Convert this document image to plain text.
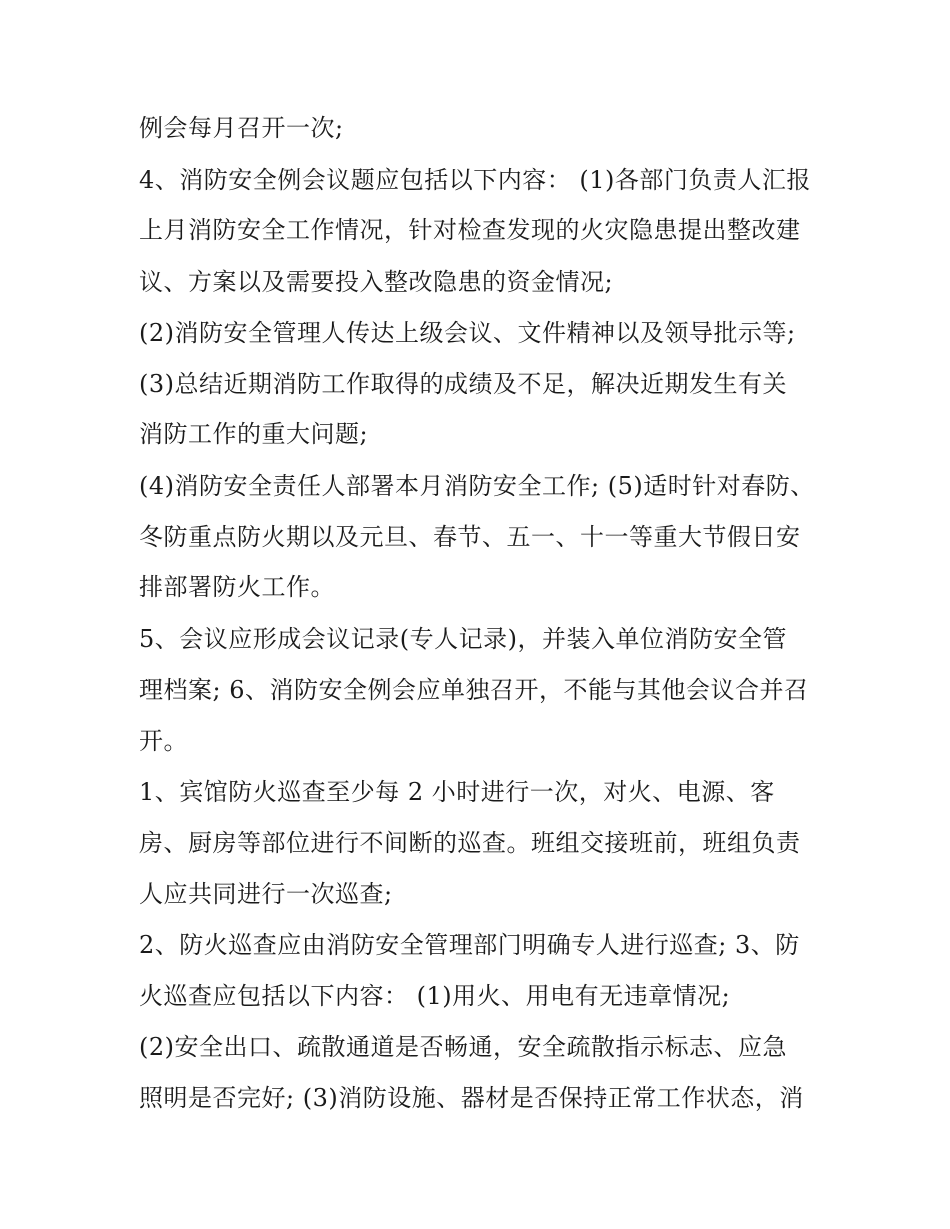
例会每月召开一次;
4、消防安全例会议题应包括以下内容： (1)各部门负责人汇报
上月消防安全工作情况，针对检查发现的火灾隐患提出整改建
议、方案以及需要投入整改隐患的资金情况;
(2)消防安全管理人传达上级会议、文件精神以及领导批示等;
(3)总结近期消防工作取得的成绩及不足，解决近期发生有关
消防工作的重大问题;
(4)消防安全责任人部署本月消防安全工作; (5)适时针对春防、
冬防重点防火期以及元旦、春节、五一、十一等重大节假日安
排部署防火工作。
5、会议应形成会议记录(专人记录)，并装入单位消防安全管
理档案; 6、消防安全例会应单独召开，不能与其他会议合并召
开。
1、宾馆防火巡查至少每 2 小时进行一次，对火、电源、客
房、厨房等部位进行不间断的巡查。班组交接班前，班组负责
人应共同进行一次巡查;
2、防火巡查应由消防安全管理部门明确专人进行巡查; 3、防
火巡查应包括以下内容： (1)用火、用电有无违章情况;
(2)安全出口、疏散通道是否畅通，安全疏散指示标志、应急
照明是否完好; (3)消防设施、器材是否保持正常工作状态，消
